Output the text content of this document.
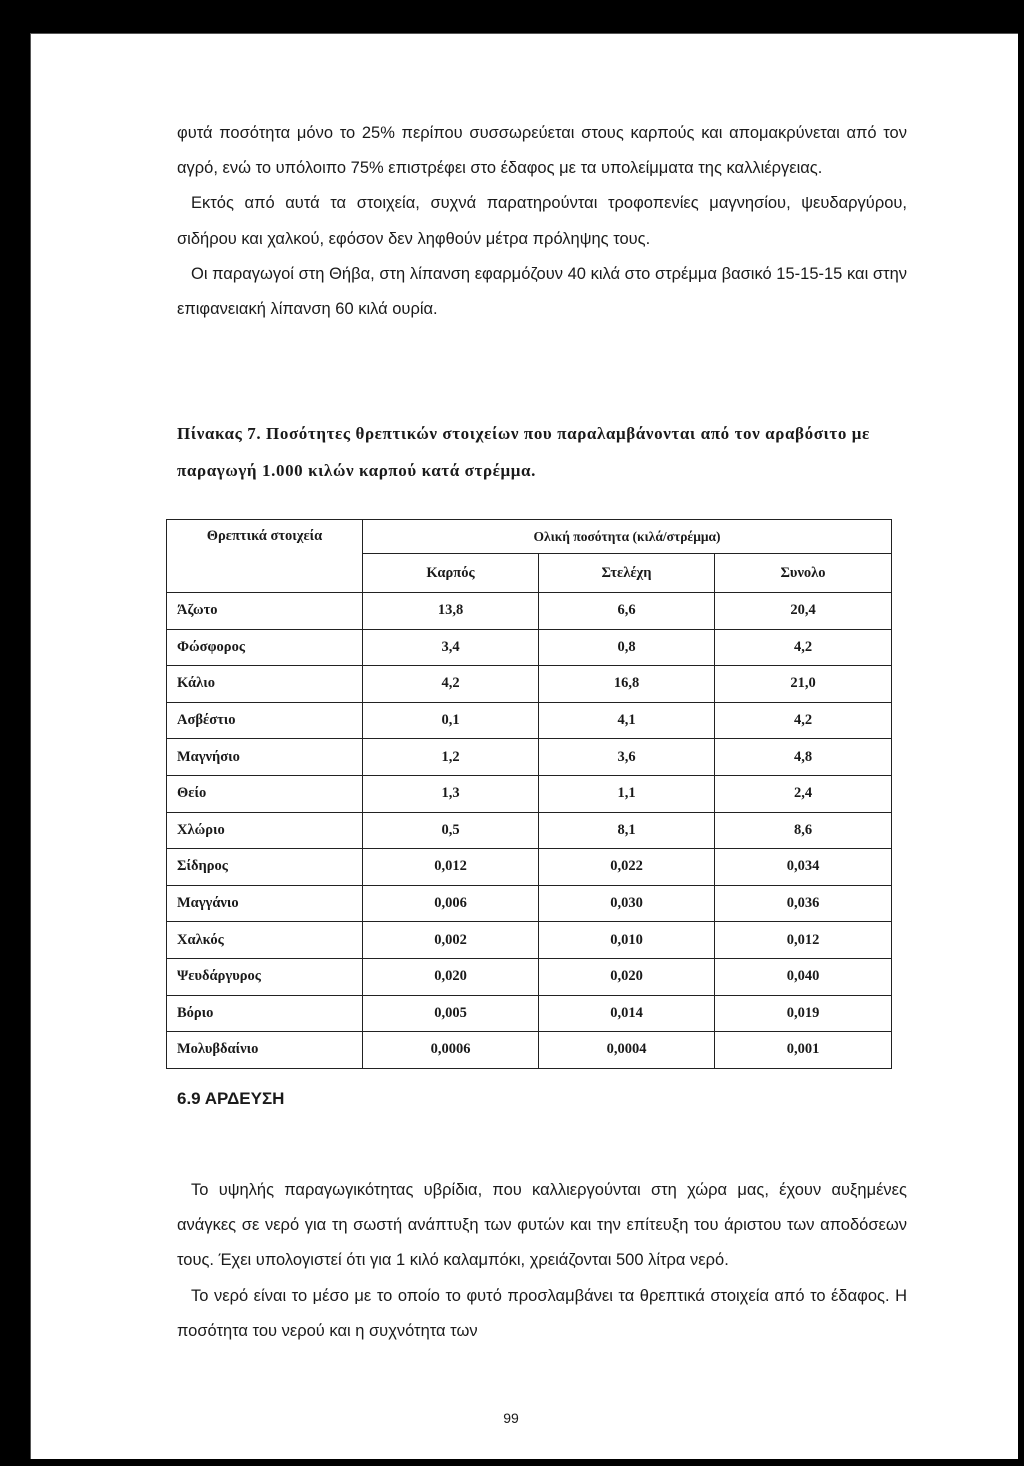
φυτά ποσότητα μόνο το 25% περίπου συσσωρεύεται στους καρπούς και απομακρύνεται από τον αγρό, ενώ το υπόλοιπο 75% επιστρέφει στο έδαφος με τα υπολείμματα της καλλιέργειας.

Εκτός από αυτά τα στοιχεία, συχνά παρατηρούνται τροφοπενίες μαγνησίου, ψευδαργύρου, σιδήρου και χαλκού, εφόσον δεν ληφθούν μέτρα πρόληψης τους.

Οι παραγωγοί στη Θήβα, στη λίπανση εφαρμόζουν 40 κιλά στο στρέμμα βασικό 15-15-15 και στην επιφανειακή λίπανση 60 κιλά ουρία.

Πίνακας 7. Ποσότητες θρεπτικών στοιχείων που παραλαμβάνονται από τον αραβόσιτο με παραγωγή 1.000 κιλών καρπού κατά στρέμμα.
Θρεπτικά στοιχεία	Ολική ποσότητα (κιλά/στρέμμα)		
	Καρπός	Στελέχη	Συνολο
Άζωτο	13,8	6,6	20,4
Φώσφορος	3,4	0,8	4,2
Κάλιο	4,2	16,8	21,0
Ασβέστιο	0,1	4,1	4,2
Μαγνήσιο	1,2	3,6	4,8
Θείο	1,3	1,1	2,4
Χλώριο	0,5	8,1	8,6
Σίδηρος	0,012	0,022	0,034
Μαγγάνιο	0,006	0,030	0,036
Χαλκός	0,002	0,010	0,012
Ψευδάργυρος	0,020	0,020	0,040
Βόριο	0,005	0,014	0,019
Μολυβδαίνιο	0,0006	0,0004	0,001
6.9 ΑΡΔΕΥΣΗ

Το υψηλής παραγωγικότητας υβρίδια, που καλλιεργούνται στη χώρα μας, έχουν αυξημένες ανάγκες σε νερό για τη σωστή ανάπτυξη των φυτών και την επίτευξη του άριστου των αποδόσεων τους. Έχει υπολογιστεί ότι για 1 κιλό καλαμπόκι, χρειάζονται 500 λίτρα νερό.

Το νερό είναι το μέσο με το οποίο το φυτό προσλαμβάνει τα θρεπτικά στοιχεία από το έδαφος. Η ποσότητα του νερού και η συχνότητα των

99
